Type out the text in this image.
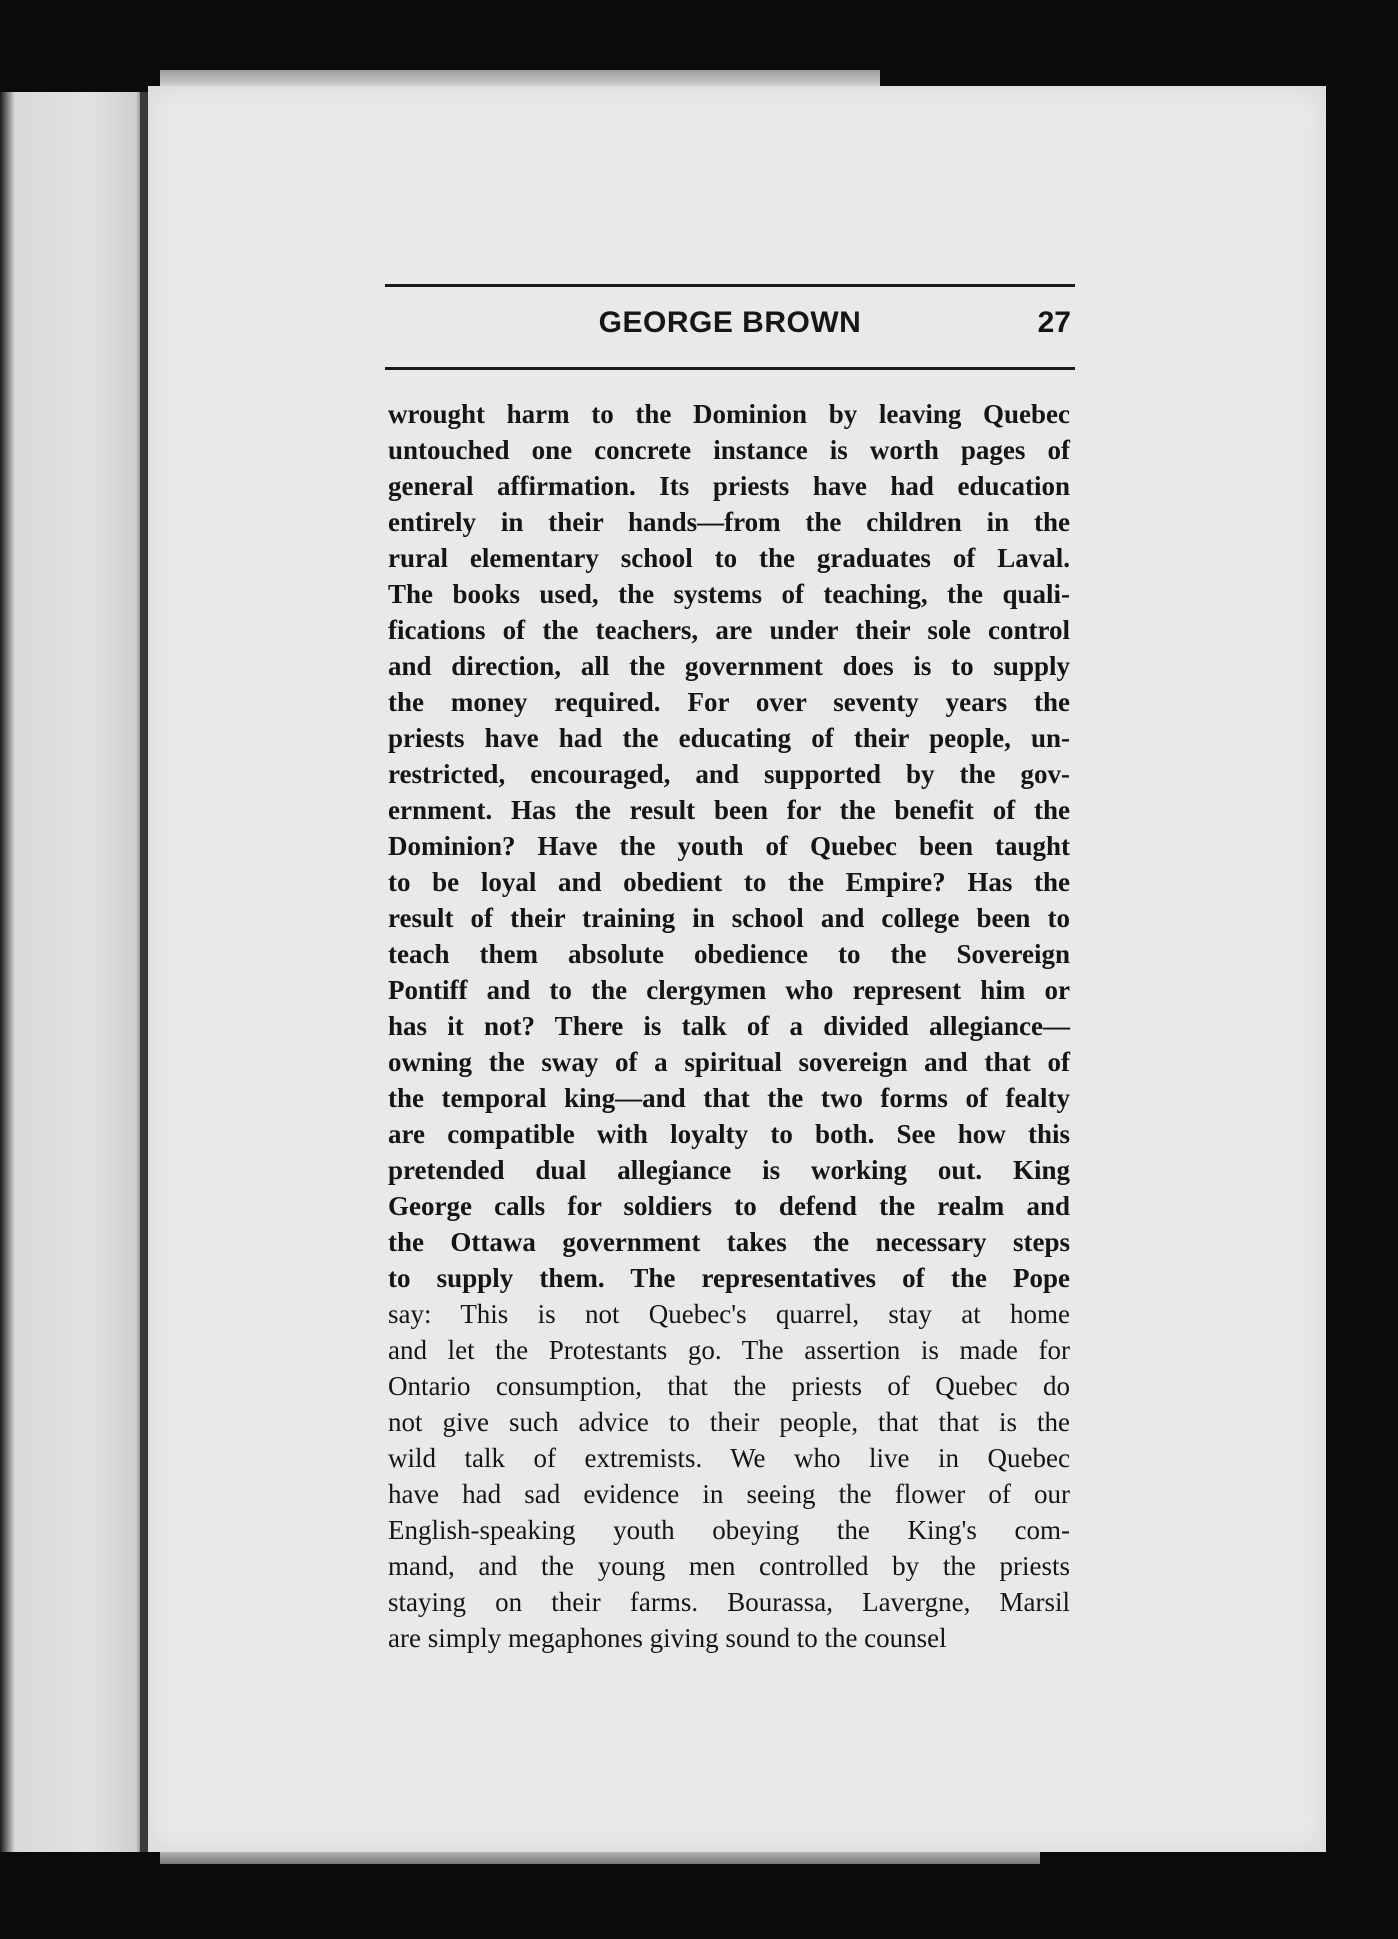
GEORGE BROWN	27
wrought harm to the Dominion by leaving Quebec
untouched one concrete instance is worth pages of
general affirmation. Its priests have had education
entirely in their hands—from the children in the
rural elementary school to the graduates of Laval.
The books used, the systems of teaching, the quali-
fications of the teachers, are under their sole control
and direction, all the government does is to supply
the money required. For over seventy years the
priests have had the educating of their people, un-
restricted, encouraged, and supported by the gov-
ernment. Has the result been for the benefit of the
Dominion? Have the youth of Quebec been taught
to be loyal and obedient to the Empire? Has the
result of their training in school and college been to
teach them absolute obedience to the Sovereign
Pontiff and to the clergymen who represent him or
has it not? There is talk of a divided allegiance—
owning the sway of a spiritual sovereign and that of
the temporal king—and that the two forms of fealty
are compatible with loyalty to both. See how this
pretended dual allegiance is working out. King
George calls for soldiers to defend the realm and
the Ottawa government takes the necessary steps
to supply them. The representatives of the Pope
say: This is not Quebec's quarrel, stay at home
and let the Protestants go. The assertion is made for
Ontario consumption, that the priests of Quebec do
not give such advice to their people, that that is the
wild talk of extremists. We who live in Quebec
have had sad evidence in seeing the flower of our
English-speaking youth obeying the King's com-
mand, and the young men controlled by the priests
staying on their farms. Bourassa, Lavergne, Marsil
are simply megaphones giving sound to the counsel
